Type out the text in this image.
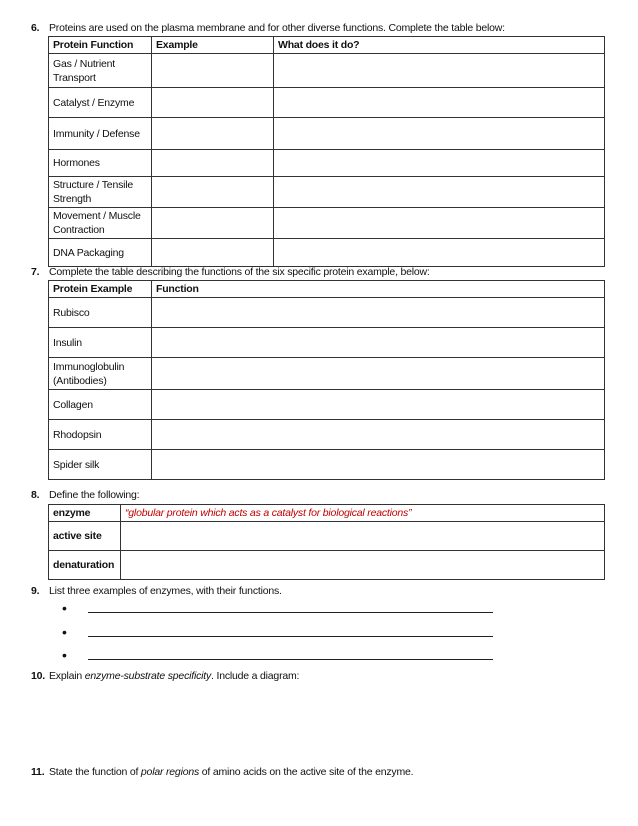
6. Proteins are used on the plasma membrane and for other diverse functions. Complete the table below:
Protein Function	Example	What does it do?
Gas / Nutrient Transport		
Catalyst / Enzyme		
Immunity / Defense		
Hormones		
Structure / Tensile Strength		
Movement / Muscle Contraction		
DNA Packaging		
7. Complete the table describing the functions of the six specific protein example, below:
Protein Example	Function
Rubisco	
Insulin	
Immunoglobulin (Antibodies)	
Collagen	
Rhodopsin	
Spider silk	
8. Define the following:
enzyme	“globular protein which acts as a catalyst for biological reactions”
active site	
denaturation	
9. List three examples of enzymes, with their functions.
•
•
•
10. Explain enzyme-substrate specificity. Include a diagram:
11. State the function of polar regions of amino acids on the active site of the enzyme.
